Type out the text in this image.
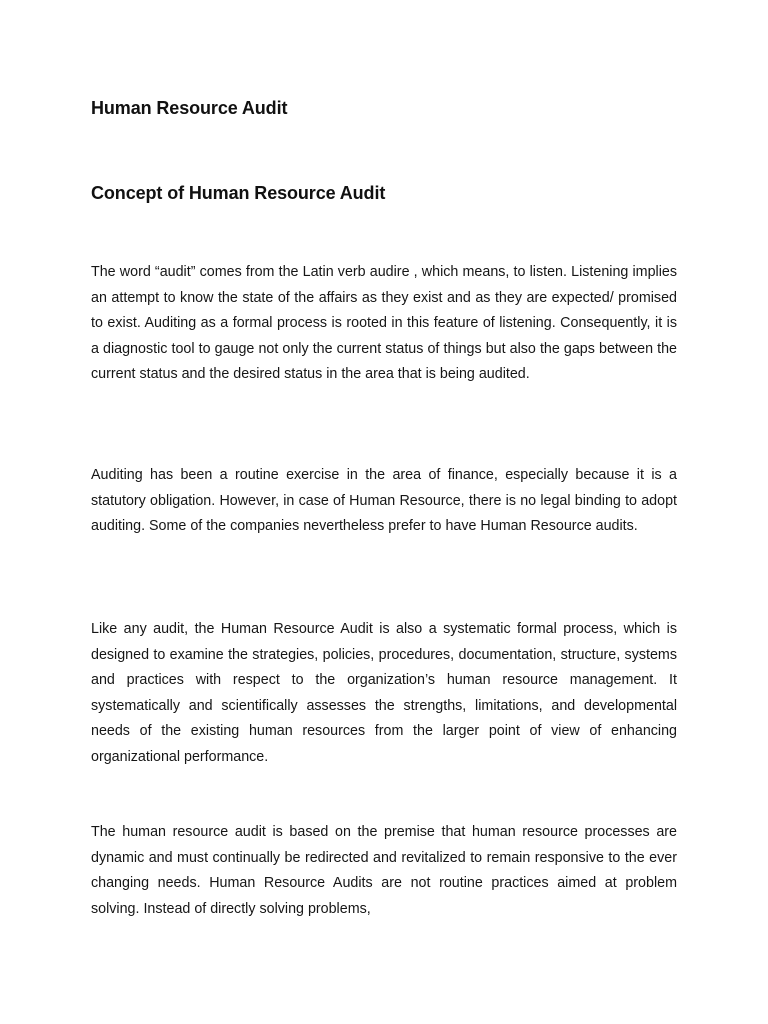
Human Resource Audit
Concept of Human Resource Audit

The word “audit” comes from the Latin verb audire , which means, to listen. Listening implies an attempt to know the state of the affairs as they exist and as they are expected/ promised to exist. Auditing as a formal process is rooted in this feature of listening. Consequently, it is a diagnostic tool to gauge not only the current status of things but also the gaps between the current status and the desired status in the area that is being audited.

Auditing has been a routine exercise in the area of finance, especially because it is a statutory obligation. However, in case of Human Resource, there is no legal binding to adopt auditing. Some of the companies nevertheless prefer to have Human Resource audits.

Like any audit, the Human Resource Audit is also a systematic formal process, which is designed to examine the strategies, policies, procedures, documentation, structure, systems and practices with respect to the organization’s human resource management. It systematically and scientifically assesses the strengths, limitations, and developmental needs of the existing human resources from the larger point of view of enhancing organizational performance.

The human resource audit is based on the premise that human resource processes are dynamic and must continually be redirected and revitalized to remain responsive to the ever changing needs. Human Resource Audits are not routine practices aimed at problem solving. Instead of directly solving problems,
